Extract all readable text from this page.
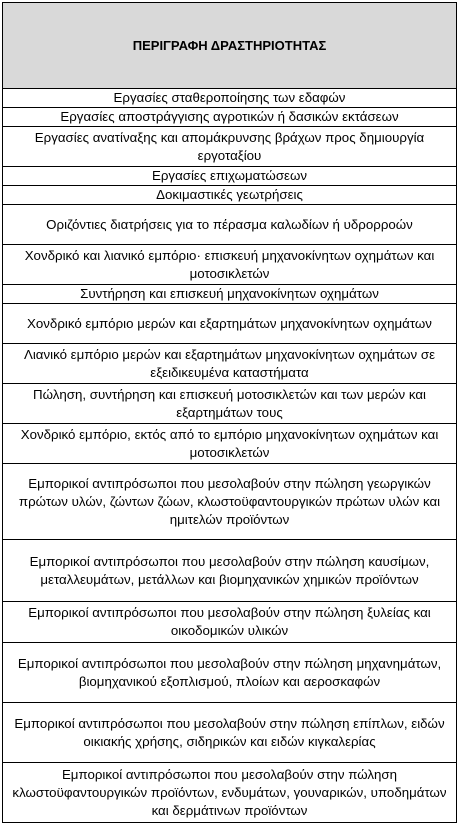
ΠΕΡΙΓΡΑΦΗ ΔΡΑΣΤΗΡΙΟΤΗΤΑΣ
Εργασίες σταθεροποίησης των εδαφών
Εργασίες αποστράγγισης αγροτικών ή δασικών εκτάσεων
Εργασίες ανατίναξης και απομάκρυνσης βράχων προς δημιουργία εργοταξίου
Εργασίες επιχωματώσεων
Δοκιμαστικές γεωτρήσεις
Οριζόντιες διατρήσεις για το πέρασμα καλωδίων ή υδρορροών
Χονδρικό και λιανικό εμπόριο· επισκευή μηχανοκίνητων οχημάτων και μοτοσικλετών
Συντήρηση και επισκευή μηχανοκίνητων οχημάτων
Χονδρικό εμπόριο μερών και εξαρτημάτων μηχανοκίνητων οχημάτων
Λιανικό εμπόριο μερών και εξαρτημάτων μηχανοκίνητων οχημάτων σε εξειδικευμένα καταστήματα
Πώληση, συντήρηση και επισκευή μοτοσικλετών και των μερών και εξαρτημάτων τους
Χονδρικό εμπόριο, εκτός από το εμπόριο μηχανοκίνητων οχημάτων και μοτοσικλετών
Εμπορικοί αντιπρόσωποι που μεσολαβούν στην πώληση γεωργικών πρώτων υλών, ζώντων ζώων, κλωστοϋφαντουργικών πρώτων υλών και ημιτελών προϊόντων
Εμπορικοί αντιπρόσωποι που μεσολαβούν στην πώληση καυσίμων, μεταλλευμάτων, μετάλλων και βιομηχανικών χημικών προϊόντων
Εμπορικοί αντιπρόσωποι που μεσολαβούν στην πώληση ξυλείας και οικοδομικών υλικών
Εμπορικοί αντιπρόσωποι που μεσολαβούν στην πώληση μηχανημάτων, βιομηχανικού εξοπλισμού, πλοίων και αεροσκαφών
Εμπορικοί αντιπρόσωποι που μεσολαβούν στην πώληση επίπλων, ειδών οικιακής χρήσης, σιδηρικών και ειδών κιγκαλερίας
Εμπορικοί αντιπρόσωποι που μεσολαβούν στην πώληση κλωστοϋφαντουργικών προϊόντων, ενδυμάτων, γουναρικών, υποδημάτων και δερμάτινων προϊόντων
